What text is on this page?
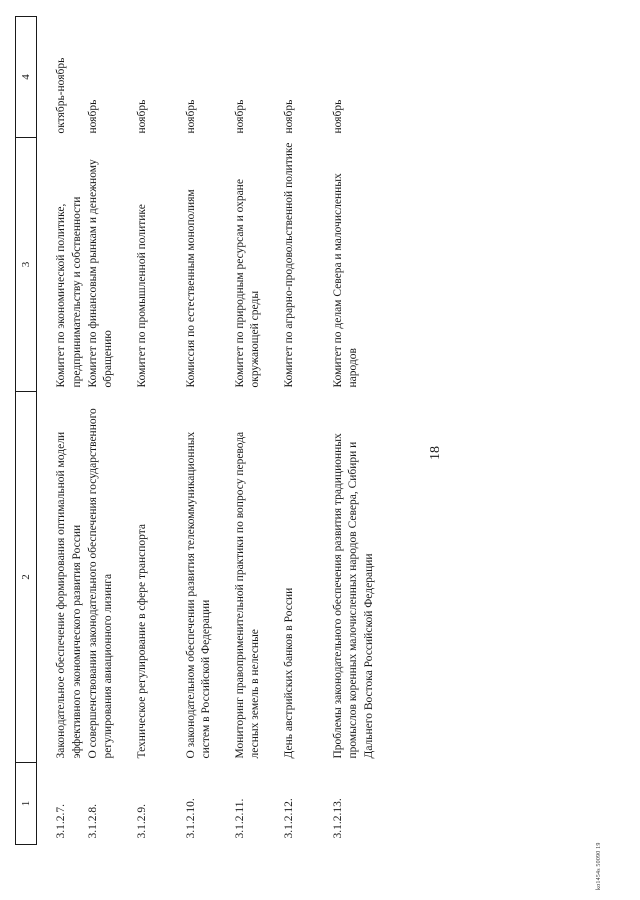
18
1	2	3	4
3.1.2.7.	Законодательное обеспечение формирования оптимальной модели эффективного экономического развития России	Комитет по экономической политике, предпринимательству и собственности	октябрь-ноябрь
3.1.2.8.	О совершенствовании законодательного обеспечения государственного регулирования авиационного лизинга	Комитет по финансовым рынкам и денежному обращению	ноябрь
3.1.2.9.	Техническое регулирование в сфере транспорта	Комитет по промышленной политике	ноябрь
3.1.2.10.	О законодательном обеспечении развития телекоммуникационных систем в Российской Федерации	Комиссия по естественным монополиям	ноябрь
3.1.2.11.	Мониторинг правоприменительной практики по вопросу перевода лесных земель в нелесные	Комитет по природным ресурсам и охране окружающей среды	ноябрь
3.1.2.12.	День австрийских банков в России	Комитет по аграрно-продовольственной политике	ноябрь
3.1.2.13.	Проблемы законодательного обеспечения развития традиционных промыслов коренных малочисленных народов Севера, Сибири и Дальнего Востока Российской Федерации	Комитет по делам Севера и малочисленных народов	ноябрь
ko1454s 50090 19
